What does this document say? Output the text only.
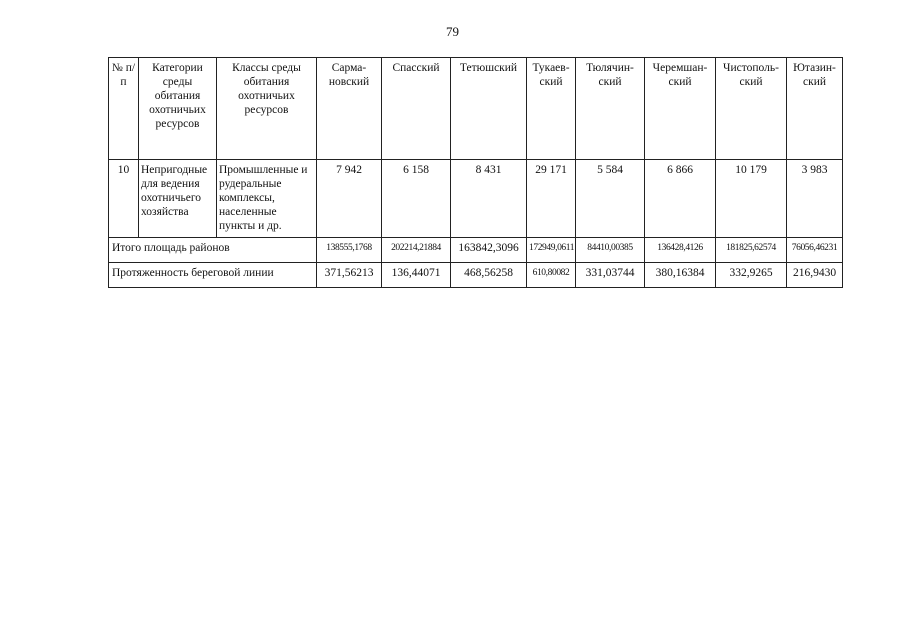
79
№ п/п	Категории среды обитания охотничьих ресурсов	Классы среды обитания охотничьих ресурсов	Сарма-новский	Спасский	Тетюшский	Тукаев-ский	Тюлячин-ский	Черемшан-ский	Чистополь-ский	Ютазин-ский
10	Непригодные для ведения охотничьего хозяйства	Промышленные и рудеральные комплексы, населенные пункты и др.	7 942	6 158	8 431	29 171	5 584	6 866	10 179	3 983
Итого площадь районов			138555,1768	202214,21884	163842,3096	172949,0611	84410,00385	136428,4126	181825,62574	76056,46231
Протяженность береговой линии			371,56213	136,44071	468,56258	610,80082	331,03744	380,16384	332,9265	216,9430
